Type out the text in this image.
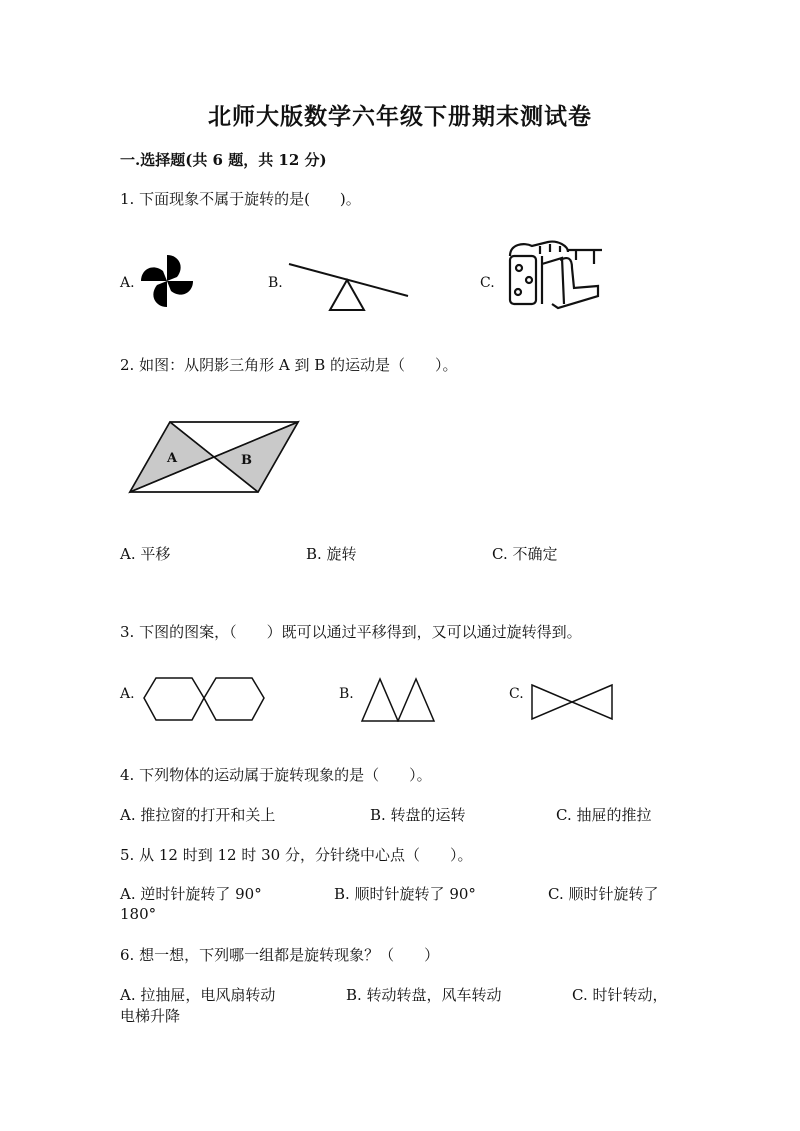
北师大版数学六年级下册期末测试卷
一.选择题(共 6 题，共 12 分)
1. 下面现象不属于旋转的是(　　)。
A.	B.	C.
2. 如图：从阴影三角形 A 到 B 的运动是（　　）。
A	B
A. 平移	B. 旋转	C. 不确定
3. 下图的图案，（　　）既可以通过平移得到，又可以通过旋转得到。
A.	B.	C.
4. 下列物体的运动属于旋转现象的是（　　）。
A. 推拉窗的打开和关上	B. 转盘的运转	C. 抽屉的推拉
5. 从 12 时到 12 时 30 分，分针绕中心点（　　）。
A. 逆时针旋转了 90°	B. 顺时针旋转了 90°	C. 顺时针旋转了
180°
6. 想一想，下列哪一组都是旋转现象？（　　）
A. 拉抽屉，电风扇转动	B. 转动转盘，风车转动	C. 时针转动，
电梯升降
